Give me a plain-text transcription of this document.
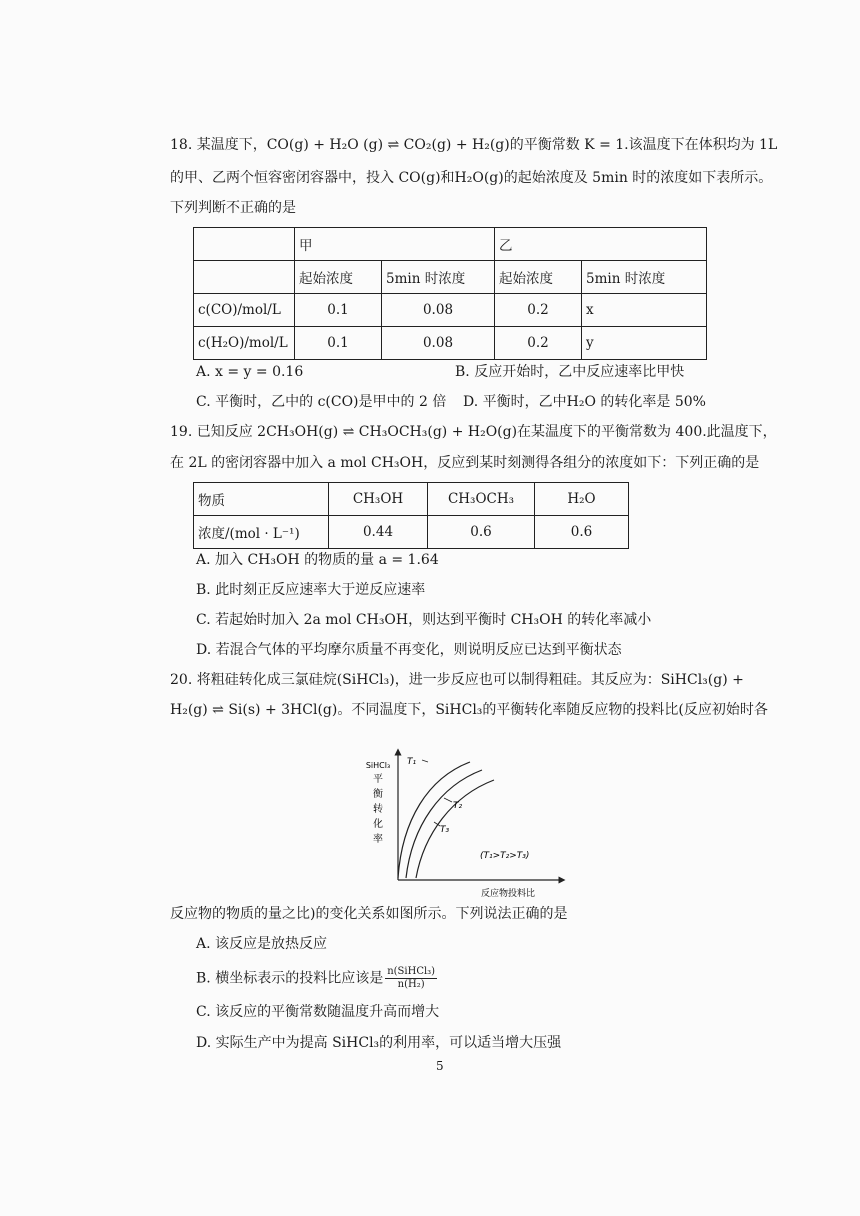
18. 某温度下，CO(g) + H₂O (g) ⇌ CO₂(g) + H₂(g)的平衡常数 K = 1.该温度下在体积均为 1L
的甲、乙两个恒容密闭容器中，投入 CO(g)和H₂O(g)的起始浓度及 5min 时的浓度如下表所示。
下列判断不正确的是
	甲		乙	
	起始浓度	5min 时浓度	起始浓度	5min 时浓度
c(CO)/mol/L	0.1	0.08	0.2	x
c(H₂O)/mol/L	0.1	0.08	0.2	y
A. x = y = 0.16	B. 反应开始时，乙中反应速率比甲快
C. 平衡时，乙中的 c(CO)是甲中的 2 倍 D. 平衡时，乙中H₂O 的转化率是 50%
19. 已知反应 2CH₃OH(g) ⇌ CH₃OCH₃(g) + H₂O(g)在某温度下的平衡常数为 400.此温度下，
在 2L 的密闭容器中加入 a mol CH₃OH，反应到某时刻测得各组分的浓度如下：下列正确的是
物质	CH₃OH	CH₃OCH₃	H₂O
浓度/(mol · L⁻¹)	0.44	0.6	0.6
A. 加入 CH₃OH 的物质的量 a = 1.64
B. 此时刻正反应速率大于逆反应速率
C. 若起始时加入 2a mol CH₃OH，则达到平衡时 CH₃OH 的转化率减小
D. 若混合气体的平均摩尔质量不再变化，则说明反应已达到平衡状态
20. 将粗硅转化成三氯硅烷(SiHCl₃)，进一步反应也可以制得粗硅。其反应为：SiHCl₃(g) +
H₂(g) ⇌ Si(s) + 3HCl(g)。不同温度下，SiHCl₃的平衡转化率随反应物的投料比(反应初始时各
SiHCl₃
平
衡
转
化
率
T₁
T₂
T₃
(T₁>T₂>T₃)
反应物投料比
反应物的物质的量之比)的变化关系如图所示。下列说法正确的是
A. 该反应是放热反应
B. 横坐标表示的投料比应该是 $\frac{\text{n(SiHCl₃)}}{\text{n(H₂)}}$
C. 该反应的平衡常数随温度升高而增大
D. 实际生产中为提高 SiHCl₃的利用率，可以适当增大压强
5
